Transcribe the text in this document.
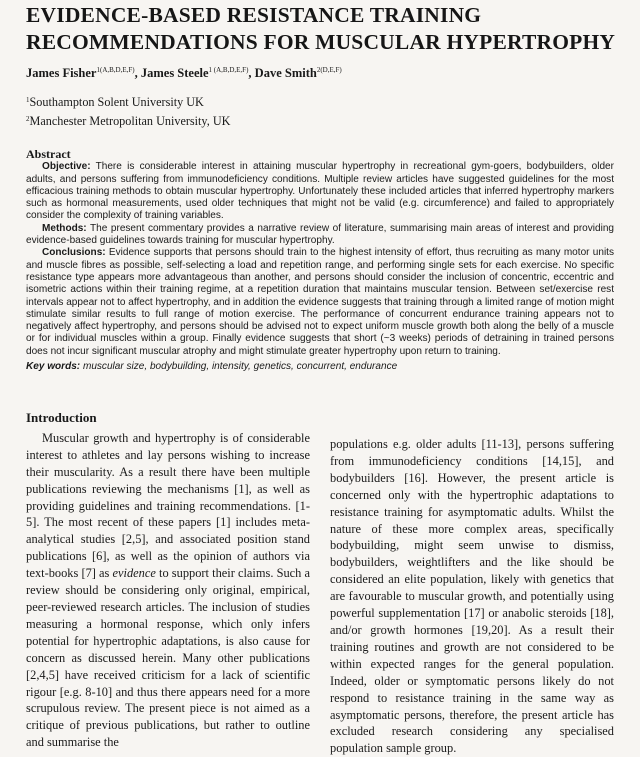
EVIDENCE-BASED RESISTANCE TRAINING
RECOMMENDATIONS FOR MUSCULAR HYPERTROPHY
James Fisher$^{1(A,B,D,E,F)}$, James Steele$^{1 (A,B,D,E,F)}$, Dave Smith$^{2(D,E,F)}$
$^1$Southampton Solent University UK
$^2$Manchester Metropolitan University, UK
Abstract

Objective: There is considerable interest in attaining muscular hypertrophy in recreational gym-goers, bodybuilders, older adults, and persons suffering from immunodeficiency conditions. Multiple review articles have suggested guidelines for the most efficacious training methods to obtain muscular hypertrophy. Unfortunately these included articles that inferred hypertrophy markers such as hormonal measurements, used older techniques that might not be valid (e.g. circumference) and failed to appropriately consider the complexity of training variables.

Methods: The present commentary provides a narrative review of literature, summarising main areas of interest and providing evidence-based guidelines towards training for muscular hypertrophy.

Conclusions: Evidence supports that persons should train to the highest intensity of effort, thus recruiting as many motor units and muscle fibres as possible, self-selecting a load and repetition range, and performing single sets for each exercise. No specific resistance type appears more advantageous than another, and persons should consider the inclusion of concentric, eccentric and isometric actions within their training regime, at a repetition duration that maintains muscular tension. Between set/exercise rest intervals appear not to affect hypertrophy, and in addition the evidence suggests that training through a limited range of motion might stimulate similar results to full range of motion exercise. The performance of concurrent endurance training appears not to negatively affect hypertrophy, and persons should be advised not to expect uniform muscle growth both along the belly of a muscle or for individual muscles within a group. Finally evidence suggests that short (~3 weeks) periods of detraining in trained persons does not incur significant muscular atrophy and might stimulate greater hypertrophy upon return to training.

Key words: muscular size, bodybuilding, intensity, genetics, concurrent, endurance

Introduction

Muscular growth and hypertrophy is of considerable interest to athletes and lay persons wishing to increase their muscularity. As a result there have been multiple publications reviewing the mechanisms [1], as well as providing guidelines and training recommendations. [1-5]. The most recent of these papers [1] includes meta-analytical studies [2,5], and associated position stand publications [6], as well as the opinion of authors via text-books [7] as evidence to support their claims. Such a review should be considering only original, empirical, peer-reviewed research articles. The inclusion of studies measuring a hormonal response, which only infers potential for hypertrophic adaptations, is also cause for concern as discussed herein. Many other publications [2,4,5] have received criticism for a lack of scientific rigour [e.g. 8-10] and thus there appears need for a more scrupulous review. The present piece is not aimed as a critique of previous publications, but rather to outline and summarise the

populations e.g. older adults [11-13], persons suffering from immunodeficiency conditions [14,15], and bodybuilders [16]. However, the present article is concerned only with the hypertrophic adaptations to resistance training for asymptomatic adults. Whilst the nature of these more complex areas, specifically bodybuilding, might seem unwise to dismiss, bodybuilders, weightlifters and the like should be considered an elite population, likely with genetics that are favourable to muscular growth, and potentially using powerful supplementation [17] or anabolic steroids [18], and/or growth hormones [19,20]. As a result their training routines and growth are not considered to be within expected ranges for the general population. Indeed, older or symptomatic persons likely do not respond to resistance training in the same way as asymptomatic persons, therefore, the present article has excluded research considering any specialised population sample group.
